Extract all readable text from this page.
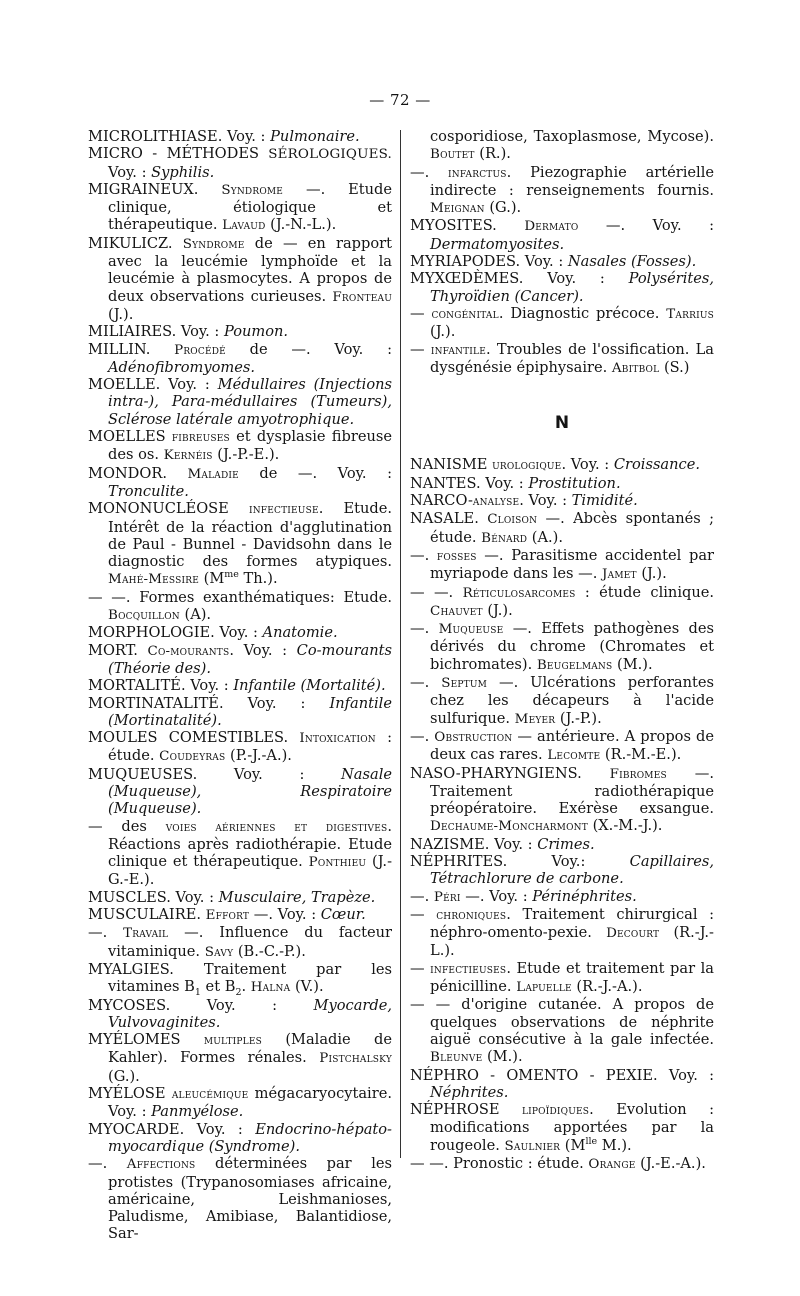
— 72 —

MICROLITHIASE. Voy. : Pulmonaire.

MICRO - MÉTHODES SÉROLOGIQUES. Voy. : Syphilis.

MIGRAINEUX. Syndrome —. Etude clinique, étiologique et thérapeutique. Lavaud (J.-N.-L.).

MIKULICZ. Syndrome de — en rapport avec la leucémie lymphoïde et la leucémie à plasmocytes. A propos de deux observations curieuses. Fronteau (J.).

MILIAIRES. Voy. : Poumon.

MILLIN. Procédé de —. Voy. : Adénofibromyomes.

MOELLE. Voy. : Médullaires (Injections intra-), Para-médullaires (Tumeurs), Sclérose latérale amyotrophique.

MOELLES fibreuses et dysplasie fibreuse des os. Kernéis (J.-P.-E.).

MONDOR. Maladie de —. Voy. : Tronculite.

MONONUCLÉOSE infectieuse. Etude. Intérêt de la réaction d'agglutination de Paul - Bunnel - Davidsohn dans le diagnostic des formes atypiques. Mahé-Messire ($M^{me}$ Th.).

— —. Formes exanthématiques: Etude. Bocquillon (A).

MORPHOLOGIE. Voy. : Anatomie.

MORT. Co-mourants. Voy. : Co-mourants (Théorie des).

MORTALITÉ. Voy. : Infantile (Mortalité).

MORTINATALITÉ. Voy. : Infantile (Mortinatalité).

MOULES COMESTIBLES. Intoxication : étude. Coudeyras (P.-J.-A.).

MUQUEUSES. Voy. : Nasale (Muqueuse), Respiratoire (Muqueuse).

— des voies aériennes et digestives. Réactions après radiothérapie. Etude clinique et thérapeutique. Ponthieu (J.-G.-E.).

MUSCLES. Voy. : Musculaire, Trapèze.

MUSCULAIRE. Effort —. Voy. : Cœur.

—. Travail —. Influence du facteur vitaminique. Savy (B.-C.-P.).

MYALGIES. Traitement par les vitamines $B_1$ et $B_2$. Halna (V.).

MYCOSES. Voy. : Myocarde, Vulvovaginites.

MYÉLOMES multiples (Maladie de Kahler). Formes rénales. Pistchalsky (G.).

MYÉLOSE aleucémique mégacaryocytaire. Voy. : Panmyélose.

MYOCARDE. Voy. : Endocrino-hépato-myocardique (Syndrome).

—. Affections déterminées par les protistes (Trypanosomiases africaine, américaine, Leishmanioses, Paludisme, Amibiase, Balantidiose, Sar-

cosporidiose, Taxoplasmose, Mycose). Boutet (R.).

—. infarctus. Piezographie artérielle indirecte : renseignements fournis. Meignan (G.).

MYOSITES. Dermato —. Voy. : Dermatomyosites.

MYRIAPODES. Voy. : Nasales (Fosses).

MYXŒDÈMES. Voy. : Polysérites, Thyroïdien (Cancer).

— congénital. Diagnostic précoce. Tarrius (J.).

— infantile. Troubles de l'ossification. La dysgénésie épiphysaire. Abitbol (S.)

N

NANISME urologique. Voy. : Croissance.

NANTES. Voy. : Prostitution.

NARCO-analyse. Voy. : Timidité.

NASALE. Cloison —. Abcès spontanés ; étude. Bénard (A.).

—. fosses —. Parasitisme accidentel par myriapode dans les —. Jamet (J.).

— —. Réticulosarcomes : étude clinique. Chauvet (J.).

—. Muqueuse —. Effets pathogènes des dérivés du chrome (Chromates et bichromates). Beugelmans (M.).

—. Septum —. Ulcérations perforantes chez les décapeurs à l'acide sulfurique. Meyer (J.-P.).

—. Obstruction — antérieure. A propos de deux cas rares. Lecomte (R.-M.-E.).

NASO-PHARYNGIENS. Fibromes —. Traitement radiothérapique préopératoire. Exérèse exsangue. Dechaume-Moncharmont (X.-M.-J.).

NAZISME. Voy. : Crimes.

NÉPHRITES. Voy.: Capillaires, Tétrachlorure de carbone.

—. Péri —. Voy. : Périnéphrites.

— chroniques. Traitement chirurgical : néphro-omento-pexie. Decourt (R.-J.-L.).

— infectieuses. Etude et traitement par la pénicilline. Lapuelle (R.-J.-A.).

— — d'origine cutanée. A propos de quelques observations de néphrite aiguë consécutive à la gale infectée. Bleunve (M.).

NÉPHRO - OMENTO - PEXIE. Voy. : Néphrites.

NÉPHROSE lipoïdiques. Evolution : modifications apportées par la rougeole. Saulnier ($M^{lle}$ M.).

— —. Pronostic : étude. Orange (J.-E.-A.).
